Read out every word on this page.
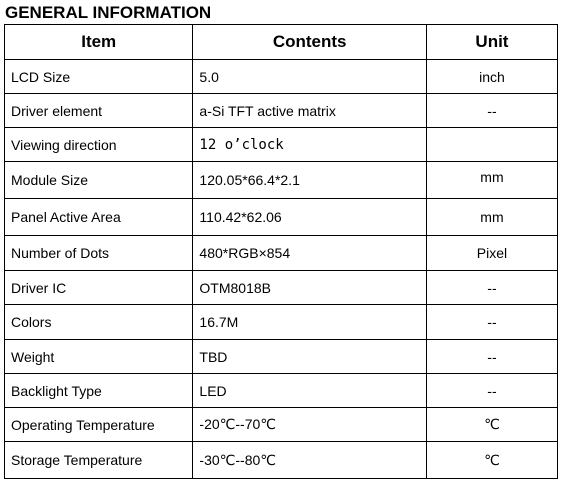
GENERAL INFORMATION
Item	Contents	Unit
LCD Size	5.0	inch
Driver element	a-Si TFT active matrix	--
Viewing direction	12 o’clock	
Module Size	120.05*66.4*2.1	mm
Panel Active Area	110.42*62.06	mm
Number of Dots	480*RGB×854	Pixel
Driver IC	OTM8018B	--
Colors	16.7M	--
Weight	TBD	--
Backlight Type	LED	--
Operating Temperature	-20℃--70℃	℃
Storage Temperature	-30℃--80℃	℃
